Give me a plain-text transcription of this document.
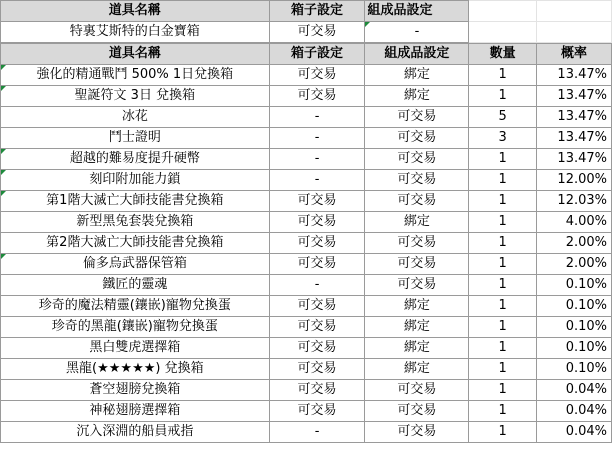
道具名稱	箱子設定	組成品設定		
特裏艾斯特的白金寶箱	可交易	-		
道具名稱	箱子設定	組成品設定	數量	概率

強化的精通戰鬥 500% 1日兌換箱	可交易	綁定	1	13.47%

聖誕符文 3日 兌換箱	可交易	綁定	1	13.47%
冰花	-	可交易	5	13.47%
鬥士證明	-	可交易	3	13.47%

超越的難易度提升硬幣	-	可交易	1	13.47%

刻印附加能力鎖	-	可交易	1	12.00%

第1階大滅亡大師技能書兌換箱	可交易	可交易	1	12.03%
新型黑兔套裝兌換箱	可交易	綁定	1	4.00%
第2階大滅亡大師技能書兌換箱	可交易	可交易	1	2.00%

倫多烏武器保管箱	可交易	可交易	1	2.00%
鐵匠的靈魂	-	可交易	1	0.10%
珍奇的魔法精靈(鑲嵌)寵物兌換蛋	可交易	綁定	1	0.10%
珍奇的黑龍(鑲嵌)寵物兌換蛋	可交易	綁定	1	0.10%
黑白雙虎選擇箱	可交易	綁定	1	0.10%
黑龍(★★★★★) 兌換箱	可交易	綁定	1	0.10%
蒼空翅膀兌換箱	可交易	可交易	1	0.04%
神秘翅膀選擇箱	可交易	可交易	1	0.04%
沉入深淵的船員戒指	-	可交易	1	0.04%
